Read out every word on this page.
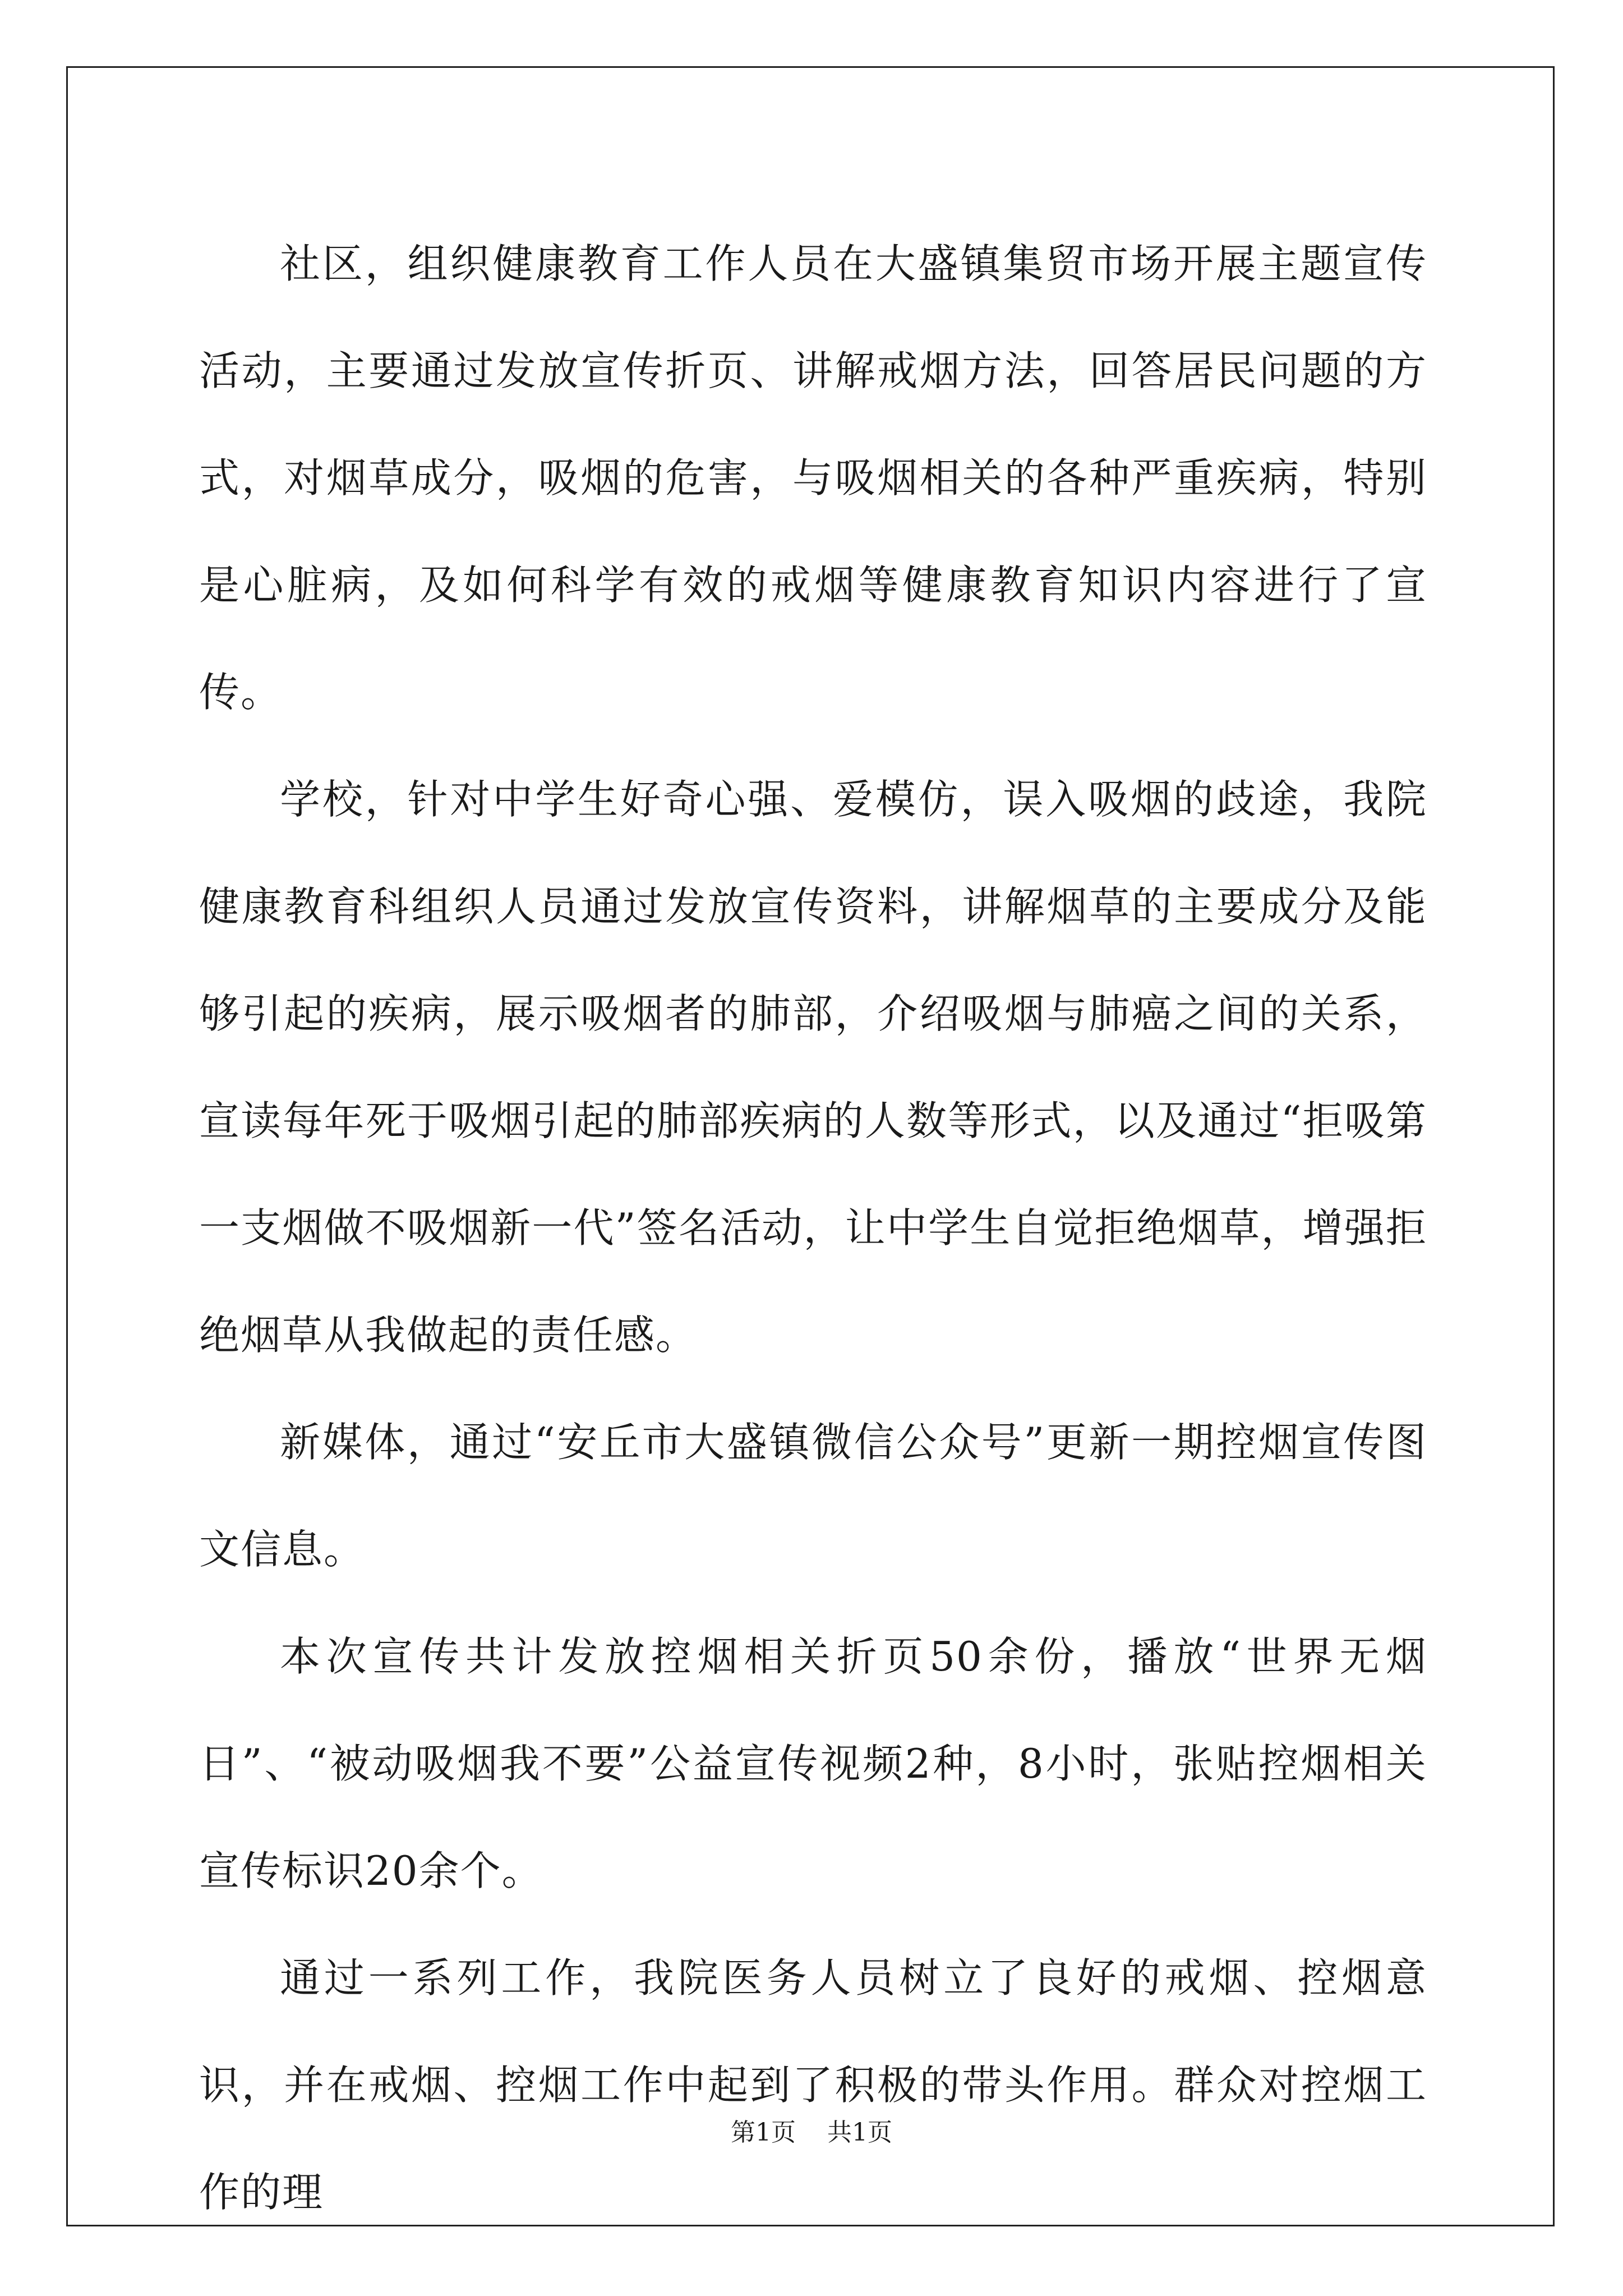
社区，组织健康教育工作人员在大盛镇集贸市场开展主题宣传活动，主要通过发放宣传折页、讲解戒烟方法，回答居民问题的方式，对烟草成分，吸烟的危害，与吸烟相关的各种严重疾病，特别是心脏病，及如何科学有效的戒烟等健康教育知识内容进行了宣传。

学校，针对中学生好奇心强、爱模仿，误入吸烟的歧途，我院健康教育科组织人员通过发放宣传资料，讲解烟草的主要成分及能够引起的疾病，展示吸烟者的肺部，介绍吸烟与肺癌之间的关系，宣读每年死于吸烟引起的肺部疾病的人数等形式，以及通过“拒吸第一支烟做不吸烟新一代”签名活动，让中学生自觉拒绝烟草，增强拒绝烟草从我做起的责任感。

新媒体，通过“安丘市大盛镇微信公众号”更新一期控烟宣传图文信息。

本次宣传共计发放控烟相关折页50余份，播放“世界无烟日”、“被动吸烟我不要”公益宣传视频2种，8小时，张贴控烟相关宣传标识20余个。

通过一系列工作，我院医务人员树立了良好的戒烟、控烟意识，并在戒烟、控烟工作中起到了积极的带头作用。群众对控烟工作的理

第1页 共1页
